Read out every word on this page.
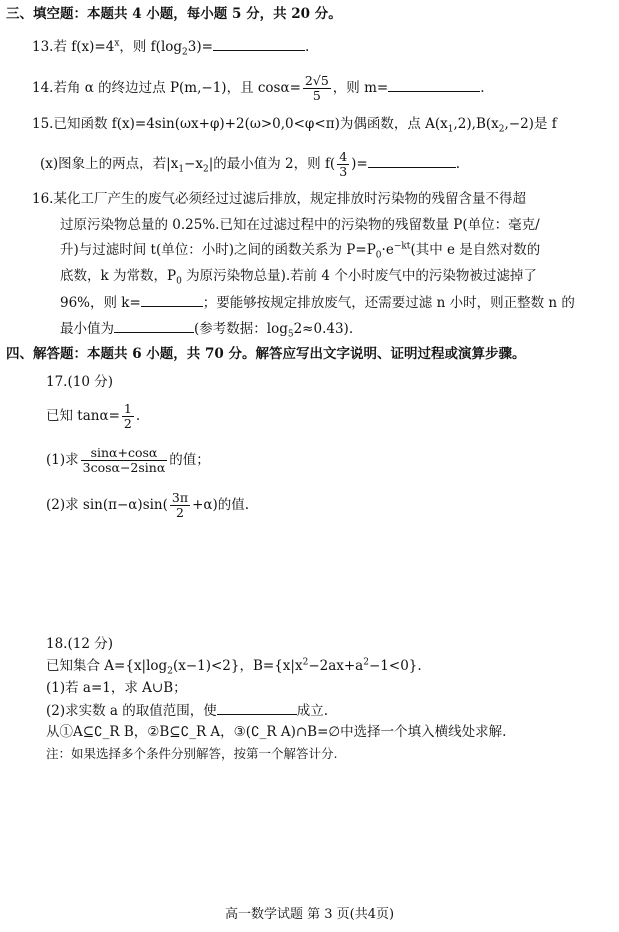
三、填空题：本题共 4 小题，每小题 5 分，共 20 分。
13.若 $f(x)=4^x$，则 $f(\log_23)=$	.
14.若角 α 的终边过点 P(m,−1)，且 $\cos\alpha= \frac{2√5}{5}$ ，则 m=	.
15.已知函数 f(x)=4sin(ωx+φ)+2(ω>0,0<φ<π)为偶函数，点 $A(x_1,2),B(x_2,-2)$是 f
(x)图象上的两点，若$|x_1-x_2|$的最小值为 2，则 $f( \frac{4}{3}$ )=	.
16.某化工厂产生的废气必须经过过滤后排放，规定排放时污染物的残留含量不得超
过原污染物总量的 0.25%.已知在过滤过程中的污染物的残留数量 P(单位：毫克/
升)与过滤时间 t(单位：小时)之间的函数关系为 $P=P_0\cdot e^{-kt}$(其中 e 是自然对数的
底数，k 为常数，$P_0$ 为原污染物总量).若前 4 个小时废气中的污染物被过滤掉了
96%，则 k=	；要能够按规定排放废气，还需要过滤 n 小时，则正整数 n 的
最小值为	(参考数据：$\log_52\approx 0.43$).
四、解答题：本题共 6 小题，共 70 分。解答应写出文字说明、证明过程或演算步骤。
17.(10 分)
已知 $\tan\alpha= \frac{1}{2}$ .
(1)求 $\frac{\sin\alpha+\cos\alpha}{3\cos\alpha-2\sin\alpha}$ 的值；
(2)求 $\sin(\pi-\alpha)\sin( \frac{3\pi}{2} +\alpha)$的值.
18.(12 分)
已知集合 $A=\{x|\log_2(x-1)<2\}$，$B=\{x|x^2-2ax+a^2-1<0\}$.
(1)若 a=1，求 A∪B；
(2)求实数 a 的取值范围，使	成立.
从①A⊆∁_R B，②B⊆∁_R A，③(∁_R A)∩B=∅中选择一个填入横线处求解.
注：如果选择多个条件分别解答，按第一个解答计分.
高一数学试题 第 3 页(共4页)
